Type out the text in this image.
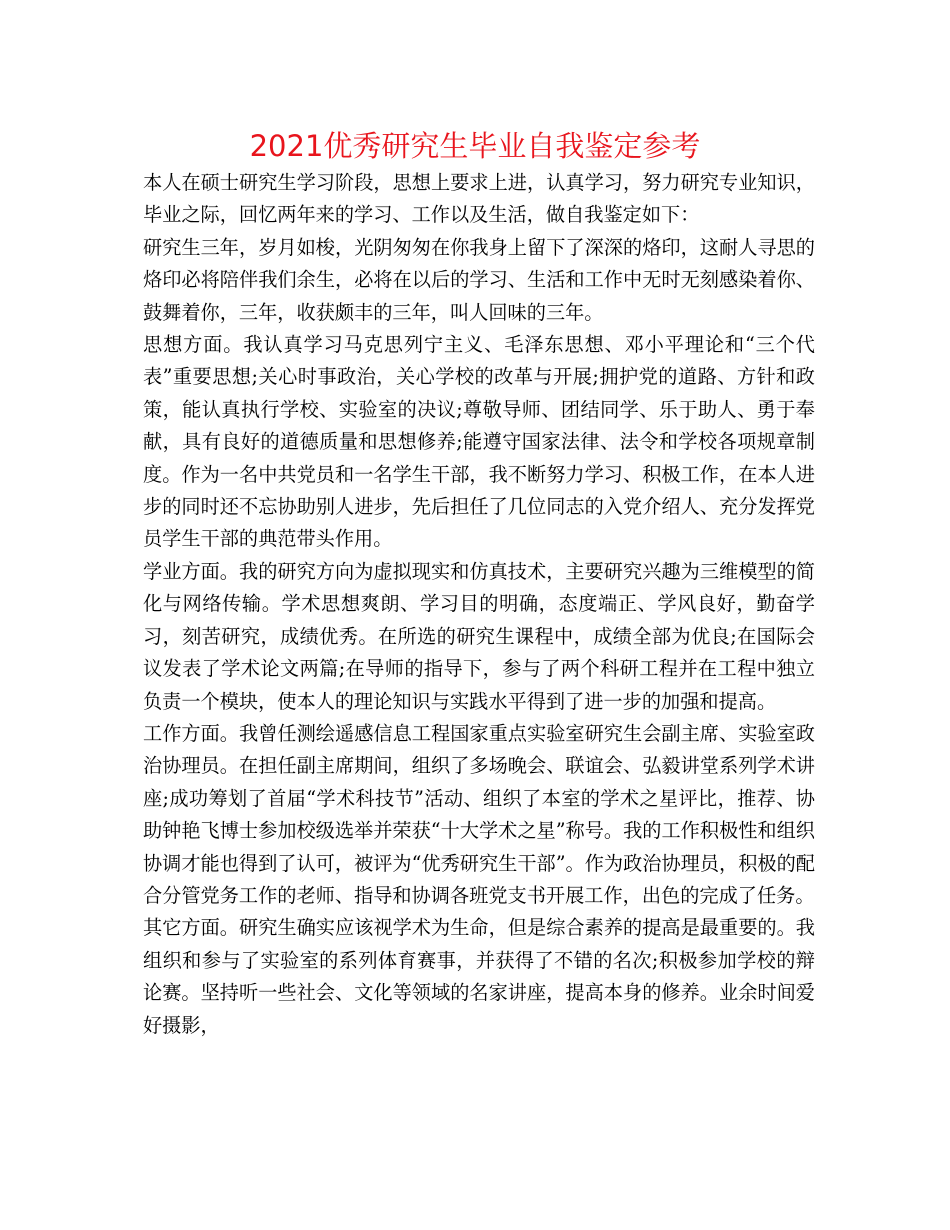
2021优秀研究生毕业自我鉴定参考

本人在硕士研究生学习阶段，思想上要求上进，认真学习，努力研究专业知识，毕业之际，回忆两年来的学习、工作以及生活，做自我鉴定如下：

研究生三年，岁月如梭，光阴匆匆在你我身上留下了深深的烙印，这耐人寻思的烙印必将陪伴我们余生，必将在以后的学习、生活和工作中无时无刻感染着你、鼓舞着你，三年，收获颇丰的三年，叫人回味的三年。

思想方面。我认真学习马克思列宁主义、毛泽东思想、邓小平理论和“三个代表”重要思想;关心时事政治，关心学校的改革与开展;拥护党的道路、方针和政策，能认真执行学校、实验室的决议;尊敬导师、团结同学、乐于助人、勇于奉献，具有良好的道德质量和思想修养;能遵守国家法律、法令和学校各项规章制度。作为一名中共党员和一名学生干部，我不断努力学习、积极工作，在本人进步的同时还不忘协助别人进步，先后担任了几位同志的入党介绍人、充分发挥党员学生干部的典范带头作用。

学业方面。我的研究方向为虚拟现实和仿真技术，主要研究兴趣为三维模型的简化与网络传输。学术思想爽朗、学习目的明确，态度端正、学风良好，勤奋学习，刻苦研究，成绩优秀。在所选的研究生课程中，成绩全部为优良;在国际会议发表了学术论文两篇;在导师的指导下，参与了两个科研工程并在工程中独立负责一个模块，使本人的理论知识与实践水平得到了进一步的加强和提高。

工作方面。我曾任测绘遥感信息工程国家重点实验室研究生会副主席、实验室政治协理员。在担任副主席期间，组织了多场晚会、联谊会、弘毅讲堂系列学术讲座;成功筹划了首届“学术科技节”活动、组织了本室的学术之星评比，推荐、协助钟艳飞博士参加校级选举并荣获“十大学术之星”称号。我的工作积极性和组织协调才能也得到了认可，被评为“优秀研究生干部”。作为政治协理员，积极的配合分管党务工作的老师、指导和协调各班党支书开展工作，出色的完成了任务。

其它方面。研究生确实应该视学术为生命，但是综合素养的提高是最重要的。我组织和参与了实验室的系列体育赛事，并获得了不错的名次;积极参加学校的辩论赛。坚持听一些社会、文化等领域的名家讲座，提高本身的修养。业余时间爱好摄影，
